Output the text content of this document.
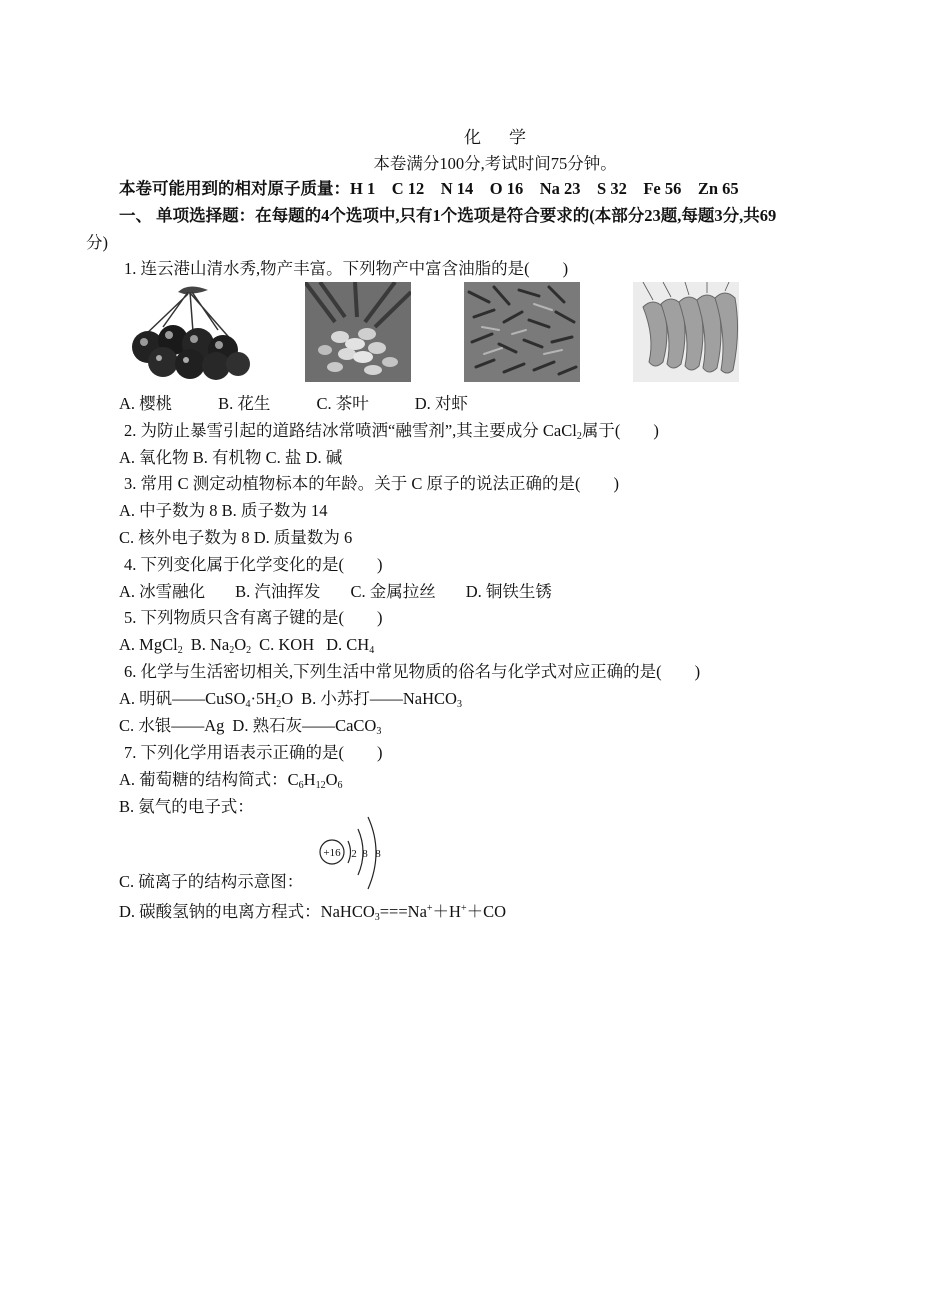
化 学
本卷满分100分,考试时间75分钟。
本卷可能用到的相对原子质量：H 1　C 12　N 14　O 16　Na 23　S 32　Fe 56　Zn 65
一、 单项选择题：在每题的4个选项中,只有1个选项是符合要求的(本部分23题,每题3分,共69
分)
1. 连云港山清水秀,物产丰富。下列物产中富含油脂的是(　　)
A. 樱桃	B. 花生	C. 茶叶	D. 对虾
2. 为防止暴雪引起的道路结冰常喷洒“融雪剂”,其主要成分 CaCl$_2$属于(　　)
A. 氧化物 B. 有机物 C. 盐 D. 碱
3. 常用 C 测定动植物标本的年龄。关于 C 原子的说法正确的是(　　)
A. 中子数为 8 B. 质子数为 14
C. 核外电子数为 8 D. 质量数为 6
4. 下列变化属于化学变化的是(　　)
A. 冰雪融化 B. 汽油挥发 C. 金属拉丝 D. 铜铁生锈
5. 下列物质只含有离子键的是(　　)
A. MgCl$_2$ B. $Na_2O_2$ C. KOH D. $CH_4$
6. 化学与生活密切相关,下列生活中常见物质的俗名与化学式对应正确的是(　　)
A. 明矾$——CuSO_4\cdot 5H_2O$ B. 小苏打——NaHCO$_3$
C. 水银——Ag D. 熟石灰——CaCO$_3$
7. 下列化学用语表示正确的是(　　)
A. 葡萄糖的结构简式：$C_6H_{12}O_6$
B. 氨气的电子式：
+16 2 8 8
C. 硫离子的结构示意图：
D. 碳酸氢钠的电离方程式：NaHCO$_3$===Na+＋H+＋CO
